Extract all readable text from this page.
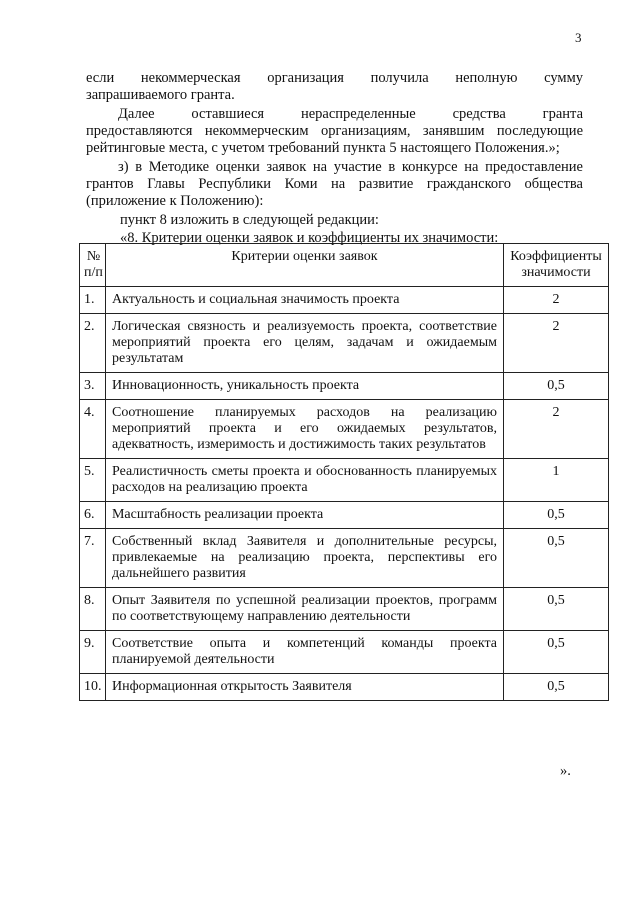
3
если некоммерческая организация получила неполную сумму
запрашиваемого гранта.
Далее оставшиеся нераспределенные средства гранта
предоставляются некоммерческим организациям, занявшим последующие рейтинговые места, с учетом требований пункта 5 настоящего Положения.»;
з) в Методике оценки заявок на участие в конкурсе на предоставление грантов Главы Республики Коми на развитие гражданского общества (приложение к Положению):
пункт 8 изложить в следующей редакции:
«8. Критерии оценки заявок и коэффициенты их значимости:
№ п/п	Критерии оценки заявок	Коэффициенты значимости
1.	Актуальность и социальная значимость проекта	2
2.	Логическая связность и реализуемость проекта, соответствие мероприятий проекта его целям, задачам и ожидаемым результатам	2
3.	Инновационность, уникальность проекта	0,5
4.	Соотношение планируемых расходов на реализацию мероприятий проекта и его ожидаемых результатов, адекватность, измеримость и достижимость таких результатов	2
5.	Реалистичность сметы проекта и обоснованность планируемых расходов на реализацию проекта	1
6.	Масштабность реализации проекта	0,5
7.	Собственный вклад Заявителя и дополнительные ресурсы, привлекаемые на реализацию проекта, перспективы его дальнейшего развития	0,5
8.	Опыт Заявителя по успешной реализации проектов, программ по соответствующему направлению деятельности	0,5
9.	Соответствие опыта и компетенций команды проекта планируемой деятельности	0,5
10.	Информационная открытость Заявителя	0,5
».
